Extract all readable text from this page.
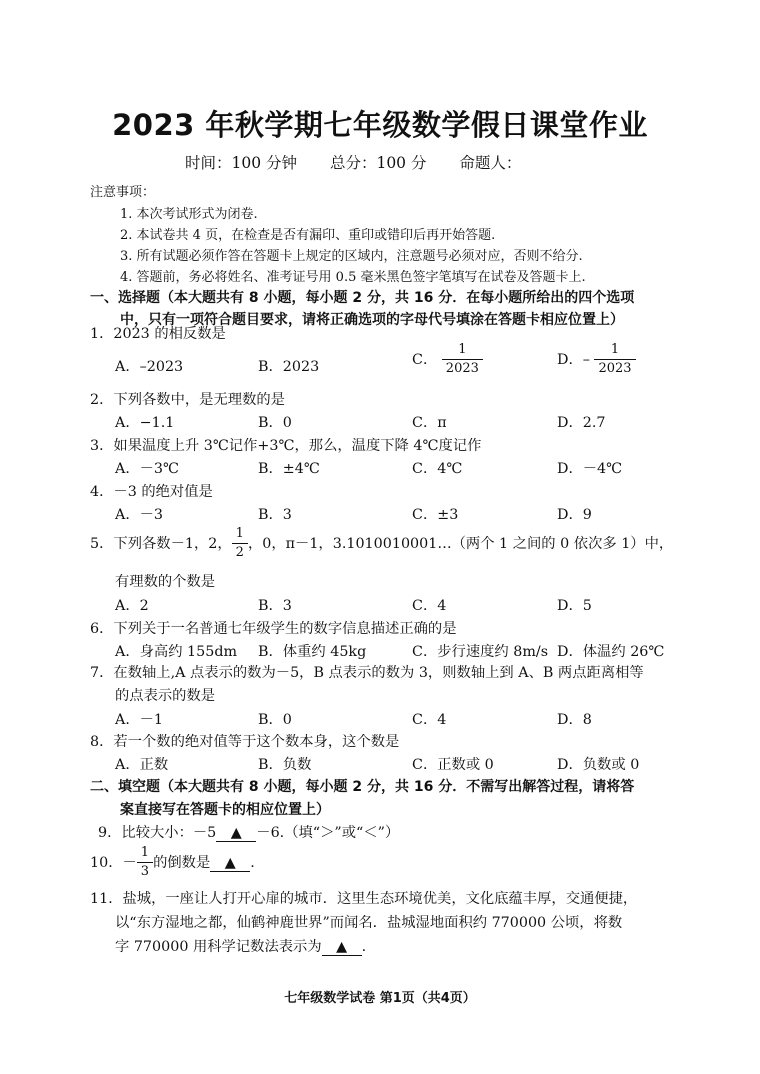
2023 年秋学期七年级数学假日课堂作业
时间：100 分钟 总分：100 分 命题人：
注意事项：
1. 本次考试形式为闭卷.
2. 本试卷共 4 页，在检查是否有漏印、重印或错印后再开始答题.
3. 所有试题必须作答在答题卡上规定的区域内，注意题号必须对应，否则不给分.
4. 答题前，务必将姓名、准考证号用 0.5 毫米黑色签字笔填写在试卷及答题卡上.
一、选择题（本大题共有 8 小题，每小题 2 分，共 16 分．在每小题所给出的四个选项
中，只有一项符合题目要求，请将正确选项的字母代号填涂在答题卡相应位置上）
1．2023 的相反数是
A．–2023	B．2023	C． $\frac{1}{2023}$	D．– $\frac{1}{2023}$
2．下列各数中，是无理数的是
A．−1.1	B．0	C．π	D．2.7
3．如果温度上升 3℃记作+3℃，那么，温度下降 4℃度记作
A．－3℃	B．±4℃	C．4℃	D．－4℃
4．－3 的绝对值是
A．－3	B．3	C．±3	D．9
5．下列各数－1，2， $\frac{1}{2}$ ，0，π－1，3.1010010001…（两个 1 之间的 0 依次多 1）中，
有理数的个数是
A．2	B．3	C．4	D．5
6．下列关于一名普通七年级学生的数字信息描述正确的是
A．身高约 155dm B．体重约 45kg	C．步行速度约 8m/s D．体温约 26℃
7．在数轴上,A 点表示的数为－5，B 点表示的数为 3，则数轴上到 A、B 两点距离相等
的点表示的数是
A．－1	B．0	C．4	D．8
8．若一个数的绝对值等于这个数本身，这个数是
A．正数	B．负数	C．正数或 0	D．负数或 0
二、填空题（本大题共有 8 小题，每小题 2 分，共 16 分．不需写出解答过程，请将答
案直接写在答题卡的相应位置上）
9．比较大小：－5 ▲ －6.（填“＞”或“＜”）
10．－ $\frac{1}{3}$ 的倒数是 ▲ .
11．盐城，一座让人打开心扉的城市．这里生态环境优美，文化底蕴丰厚，交通便捷，
以“东方湿地之都，仙鹤神鹿世界”而闻名．盐城湿地面积约 770000 公顷，将数
字 770000 用科学记数法表示为 ▲ .
七年级数学试卷 第1页（共4页）
